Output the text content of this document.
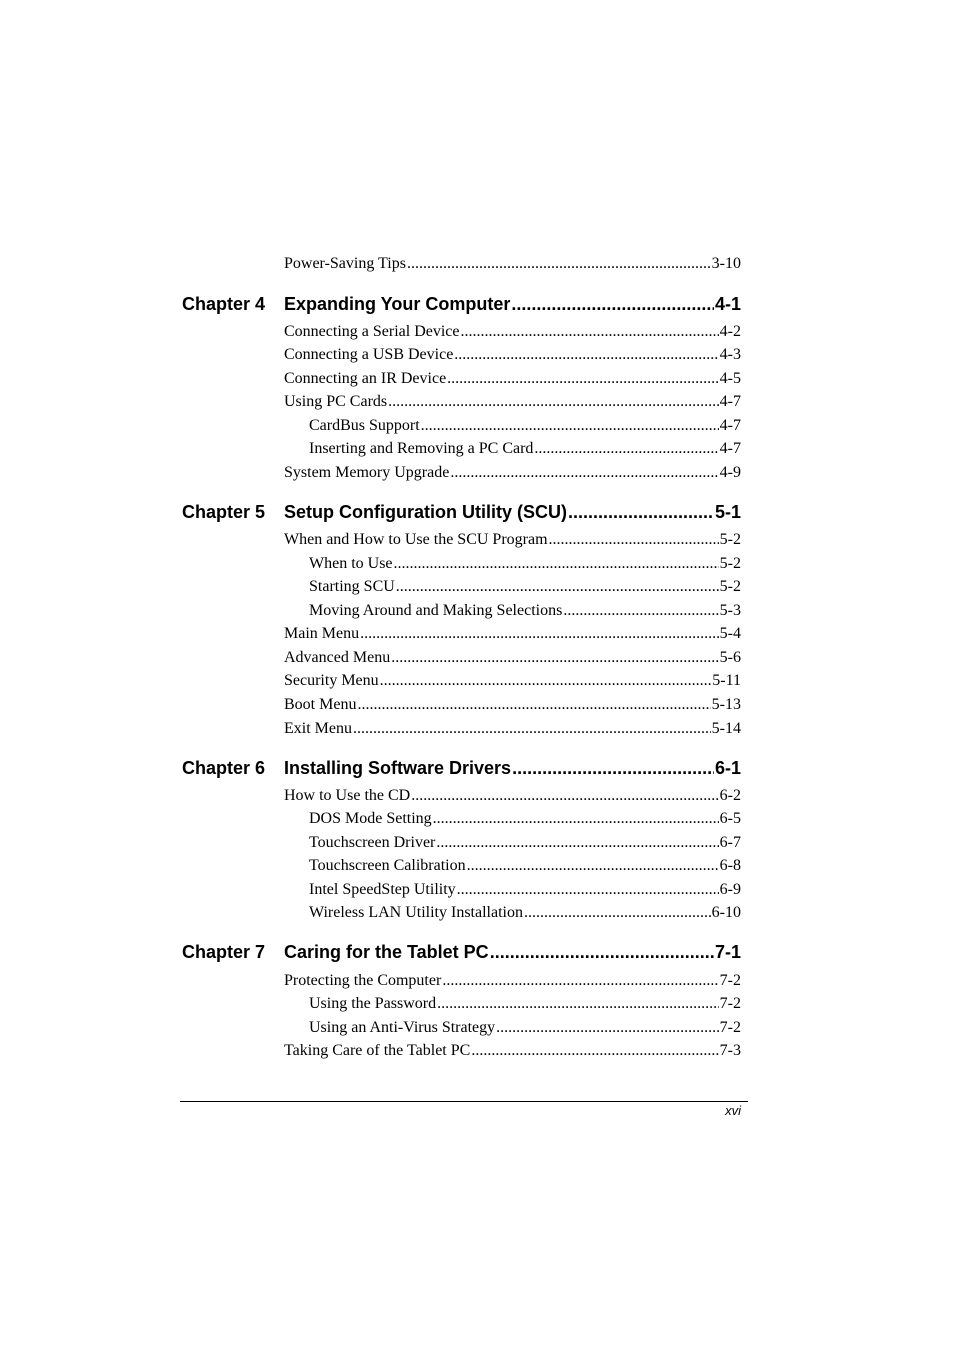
Power-Saving Tips .....	3-10
Chapter 4 Expanding Your Computer .....	4-1
Connecting a Serial Device .....	4-2
Connecting a USB Device .....	4-3
Connecting an IR Device .....	4-5
Using PC Cards .....	4-7
CardBus Support .....	4-7
Inserting and Removing a PC Card .....	4-7
System Memory Upgrade .....	4-9
Chapter 5 Setup Configuration Utility (SCU) .....	5-1
When and How to Use the SCU Program .....	5-2
When to Use .....	5-2
Starting SCU .....	5-2
Moving Around and Making Selections .....	5-3
Main Menu .....	5-4
Advanced Menu .....	5-6
Security Menu .....	5-11
Boot Menu .....	5-13
Exit Menu .....	5-14
Chapter 6 Installing Software Drivers .....	6-1
How to Use the CD .....	6-2
DOS Mode Setting .....	6-5
Touchscreen Driver .....	6-7
Touchscreen Calibration .....	6-8
Intel SpeedStep Utility .....	6-9
Wireless LAN Utility Installation .....	6-10
Chapter 7 Caring for the Tablet PC .....	7-1
Protecting the Computer .....	7-2
Using the Password .....	7-2
Using an Anti-Virus Strategy .....	7-2
Taking Care of the Tablet PC .....	7-3
xvi
